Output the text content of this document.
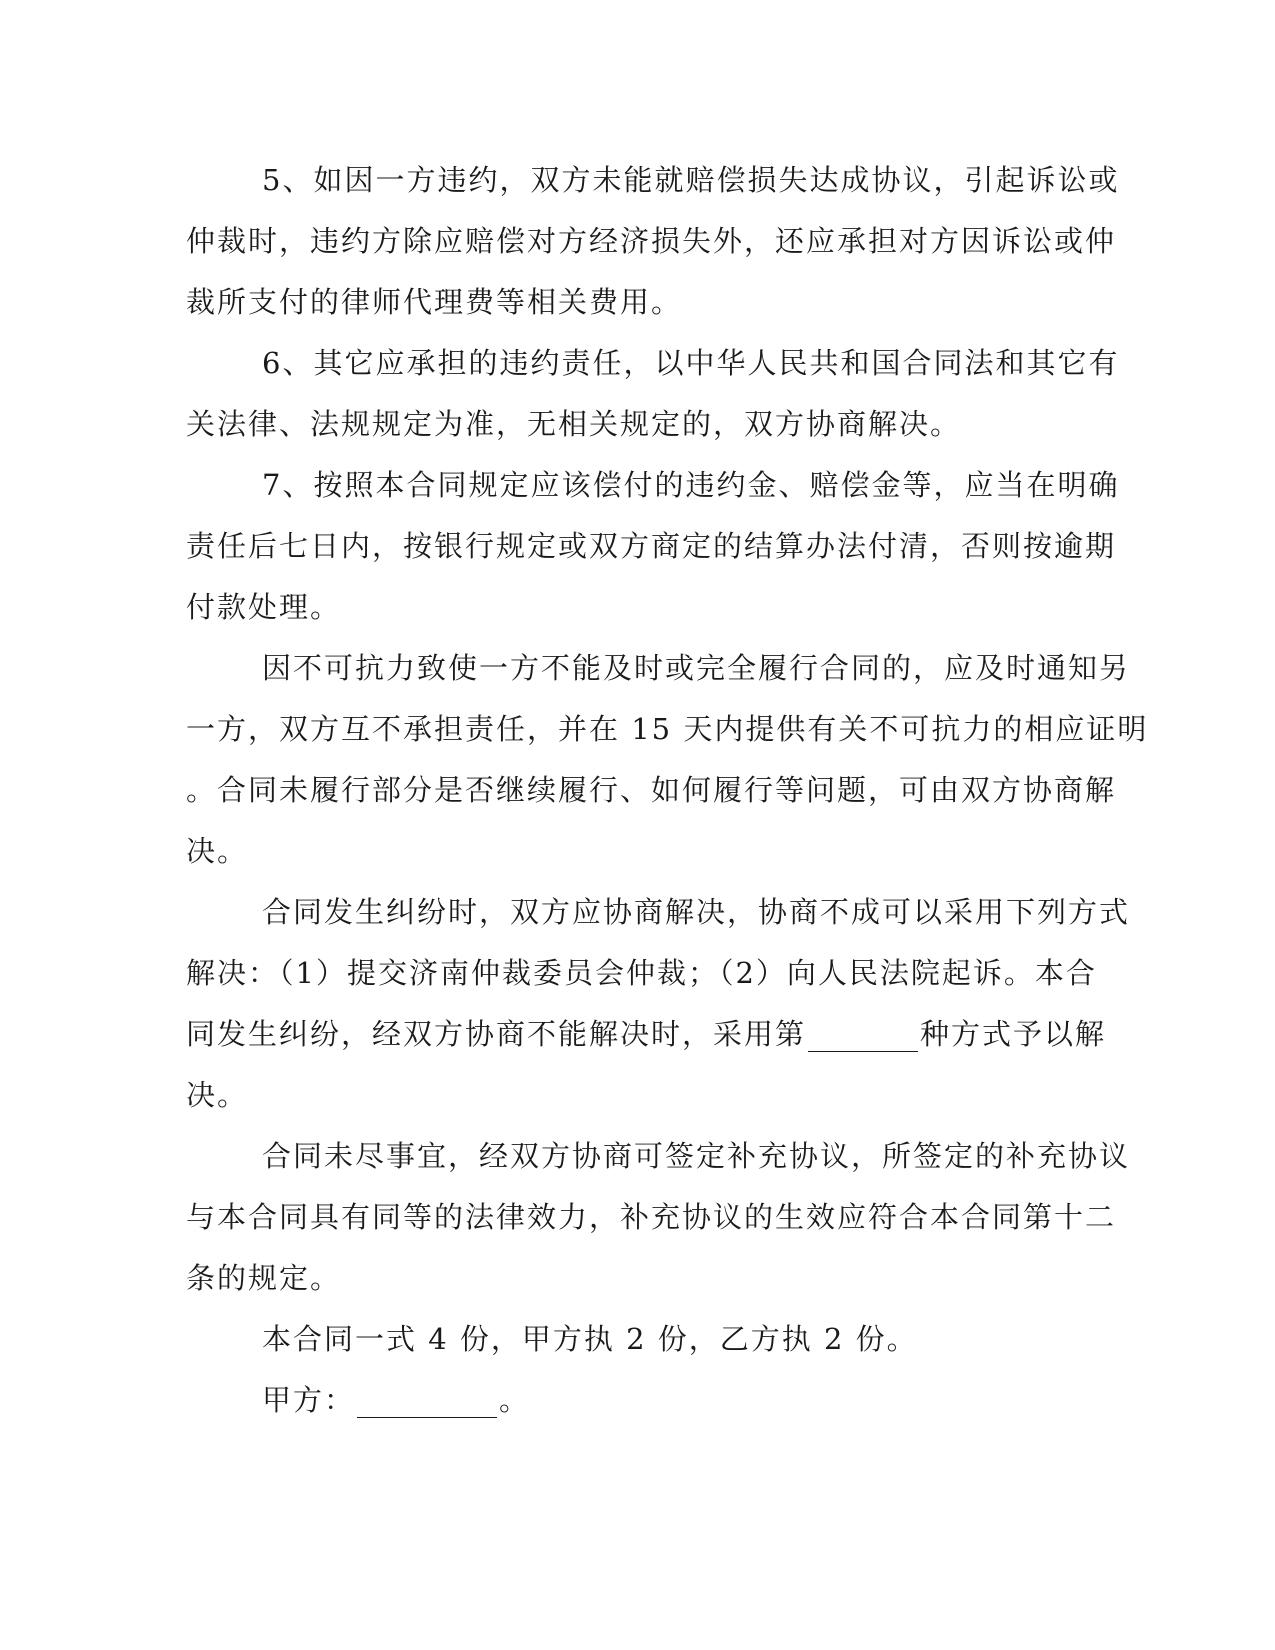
5、如因一方违约，双方未能就赔偿损失达成协议，引起诉讼或
仲裁时，违约方除应赔偿对方经济损失外，还应承担对方因诉讼或仲
裁所支付的律师代理费等相关费用。
6、其它应承担的违约责任，以中华人民共和国合同法和其它有
关法律、法规规定为准，无相关规定的，双方协商解决。
7、按照本合同规定应该偿付的违约金、赔偿金等，应当在明确
责任后七日内，按银行规定或双方商定的结算办法付清，否则按逾期
付款处理。
因不可抗力致使一方不能及时或完全履行合同的，应及时通知另
一方，双方互不承担责任，并在 15 天内提供有关不可抗力的相应证明
。合同未履行部分是否继续履行、如何履行等问题，可由双方协商解
决。
合同发生纠纷时，双方应协商解决，协商不成可以采用下列方式
解决：（1）提交济南仲裁委员会仲裁；（2）向人民法院起诉。本合
同发生纠纷，经双方协商不能解决时，采用第	种方式予以解
决。
合同未尽事宜，经双方协商可签定补充协议，所签定的补充协议
与本合同具有同等的法律效力，补充协议的生效应符合本合同第十二
条的规定。
本合同一式 4 份，甲方执 2 份，乙方执 2 份。
甲方：	。
